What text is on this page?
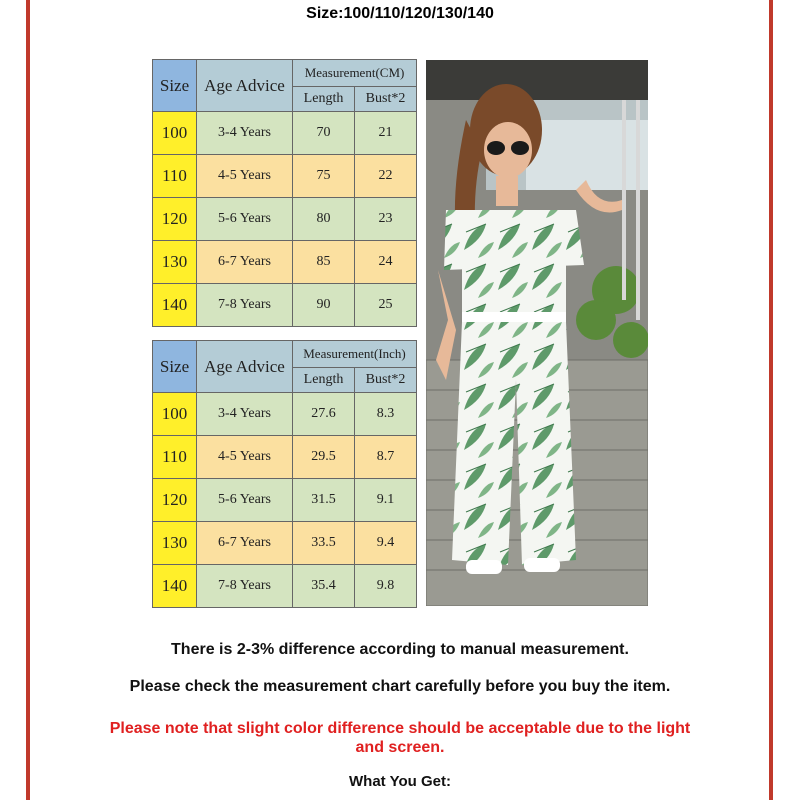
Size:100/110/120/130/140
Size	Age Advice	Measurement(CM)	
		Length	Bust*2
100	3-4 Years	70	21
110	4-5 Years	75	22
120	5-6 Years	80	23
130	6-7 Years	85	24
140	7-8 Years	90	25
Size	Age Advice	Measurement(Inch)	
		Length	Bust*2
100	3-4 Years	27.6	8.3
110	4-5 Years	29.5	8.7
120	5-6 Years	31.5	9.1
130	6-7 Years	33.5	9.4
140	7-8 Years	35.4	9.8
There is 2-3% difference according to manual measurement.
Please check the measurement chart carefully before you buy the item.
Please note that slight color difference should be acceptable due to the light and screen.
What You Get:
